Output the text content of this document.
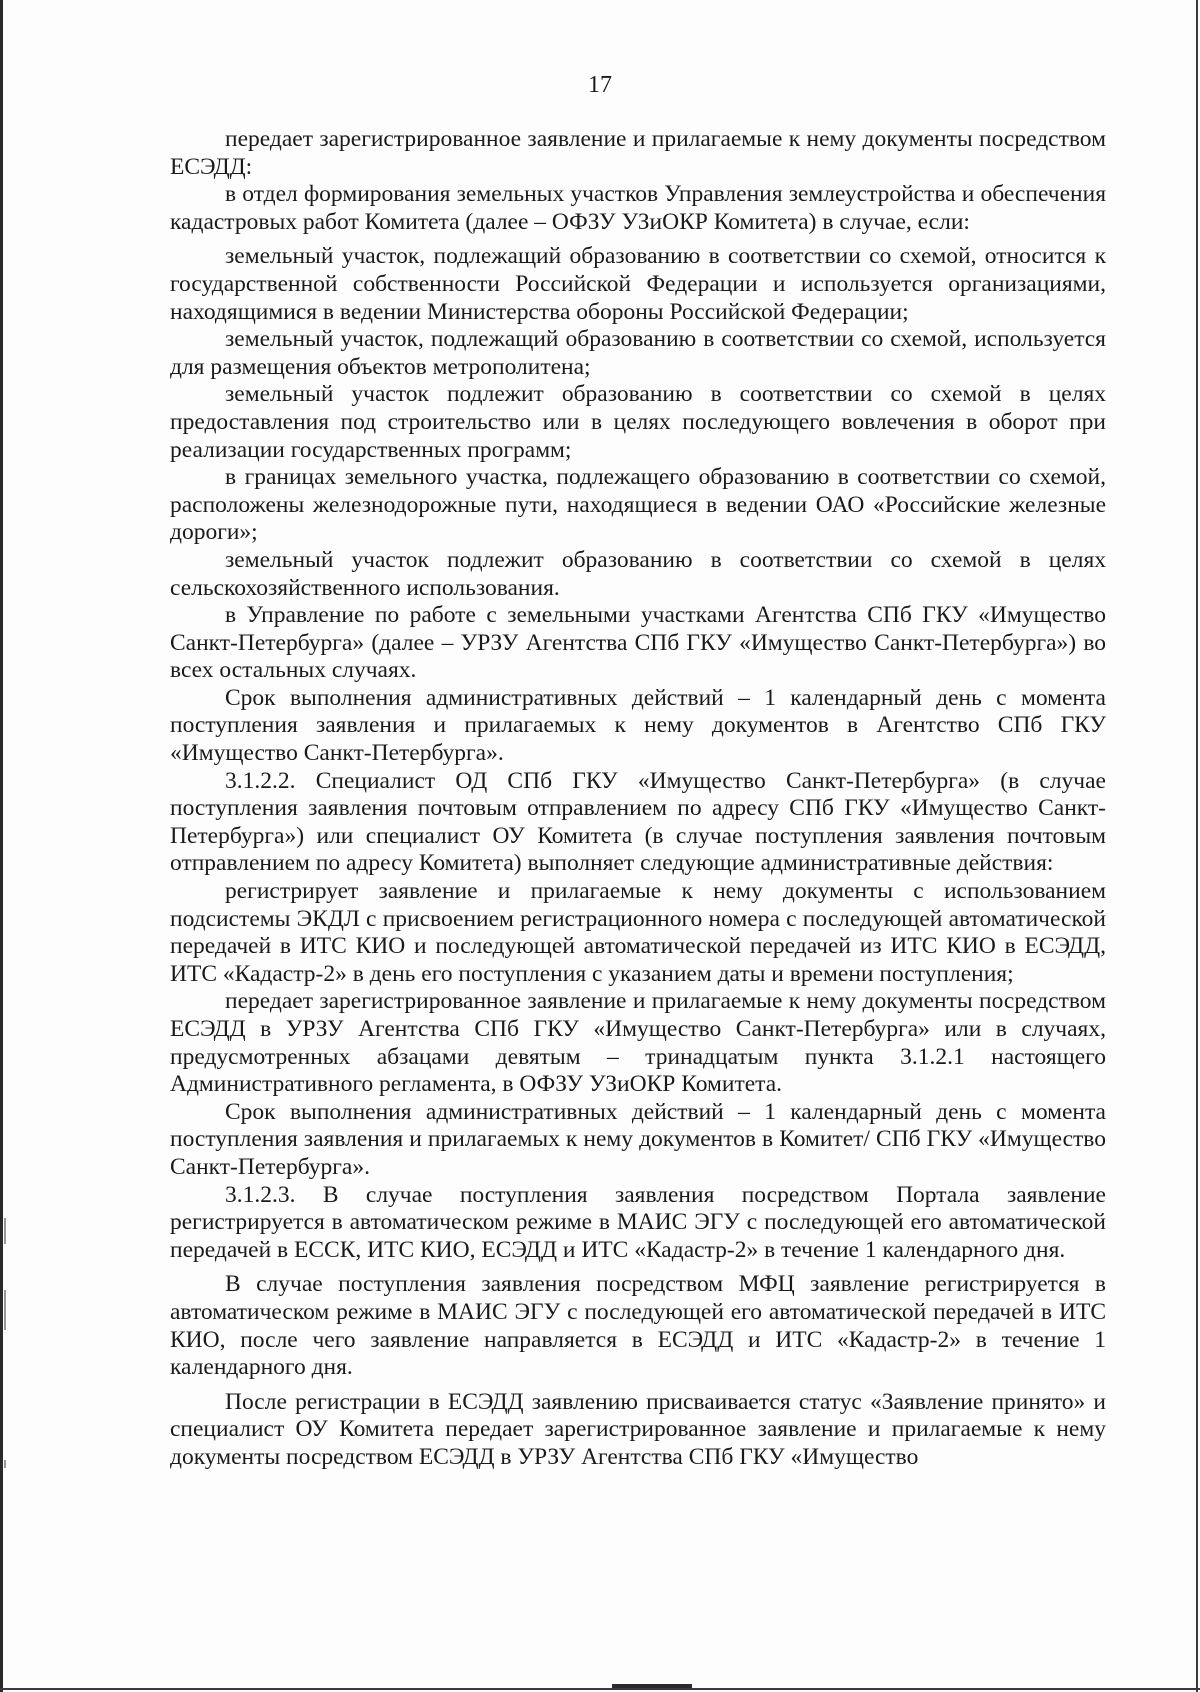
17

передает зарегистрированное заявление и прилагаемые к нему документы посредством ЕСЭДД:

в отдел формирования земельных участков Управления землеустройства и обеспечения кадастровых работ Комитета (далее – ОФЗУ УЗиОКР Комитета) в случае, если:

земельный участок, подлежащий образованию в соответствии со схемой, относится к государственной собственности Российской Федерации и используется организациями, находящимися в ведении Министерства обороны Российской Федерации;

земельный участок, подлежащий образованию в соответствии со схемой, используется для размещения объектов метрополитена;

земельный участок подлежит образованию в соответствии со схемой в целях предоставления под строительство или в целях последующего вовлечения в оборот при реализации государственных программ;

в границах земельного участка, подлежащего образованию в соответствии со схемой, расположены железнодорожные пути, находящиеся в ведении ОАО «Российские железные дороги»;

земельный участок подлежит образованию в соответствии со схемой в целях сельскохозяйственного использования.

в Управление по работе с земельными участками Агентства СПб ГКУ «Имущество Санкт-Петербурга» (далее – УРЗУ Агентства СПб ГКУ «Имущество Санкт-Петербурга») во всех остальных случаях.

Срок выполнения административных действий – 1 календарный день с момента поступления заявления и прилагаемых к нему документов в Агентство СПб ГКУ «Имущество Санкт-Петербурга».

3.1.2.2. Специалист ОД СПб ГКУ «Имущество Санкт-Петербурга» (в случае поступления заявления почтовым отправлением по адресу СПб ГКУ «Имущество Санкт-Петербурга») или специалист ОУ Комитета (в случае поступления заявления почтовым отправлением по адресу Комитета) выполняет следующие административные действия:

регистрирует заявление и прилагаемые к нему документы с использованием подсистемы ЭКДЛ с присвоением регистрационного номера с последующей автоматической передачей в ИТС КИО и последующей автоматической передачей из ИТС КИО в ЕСЭДД, ИТС «Кадастр-2» в день его поступления с указанием даты и времени поступления;

передает зарегистрированное заявление и прилагаемые к нему документы посредством ЕСЭДД в УРЗУ Агентства СПб ГКУ «Имущество Санкт-Петербурга» или в случаях, предусмотренных абзацами девятым – тринадцатым пункта 3.1.2.1 настоящего Административного регламента, в ОФЗУ УЗиОКР Комитета.

Срок выполнения административных действий – 1 календарный день с момента поступления заявления и прилагаемых к нему документов в Комитет/ СПб ГКУ «Имущество Санкт-Петербурга».

3.1.2.3. В случае поступления заявления посредством Портала заявление регистрируется в автоматическом режиме в МАИС ЭГУ с последующей его автоматической передачей в ЕССК, ИТС КИО, ЕСЭДД и ИТС «Кадастр-2» в течение 1 календарного дня.

В случае поступления заявления посредством МФЦ заявление регистрируется в автоматическом режиме в МАИС ЭГУ с последующей его автоматической передачей в ИТС КИО, после чего заявление направляется в ЕСЭДД и ИТС «Кадастр-2» в течение 1 календарного дня.

После регистрации в ЕСЭДД заявлению присваивается статус «Заявление принято» и специалист ОУ Комитета передает зарегистрированное заявление и прилагаемые к нему документы посредством ЕСЭДД в УРЗУ Агентства СПб ГКУ «Имущество
